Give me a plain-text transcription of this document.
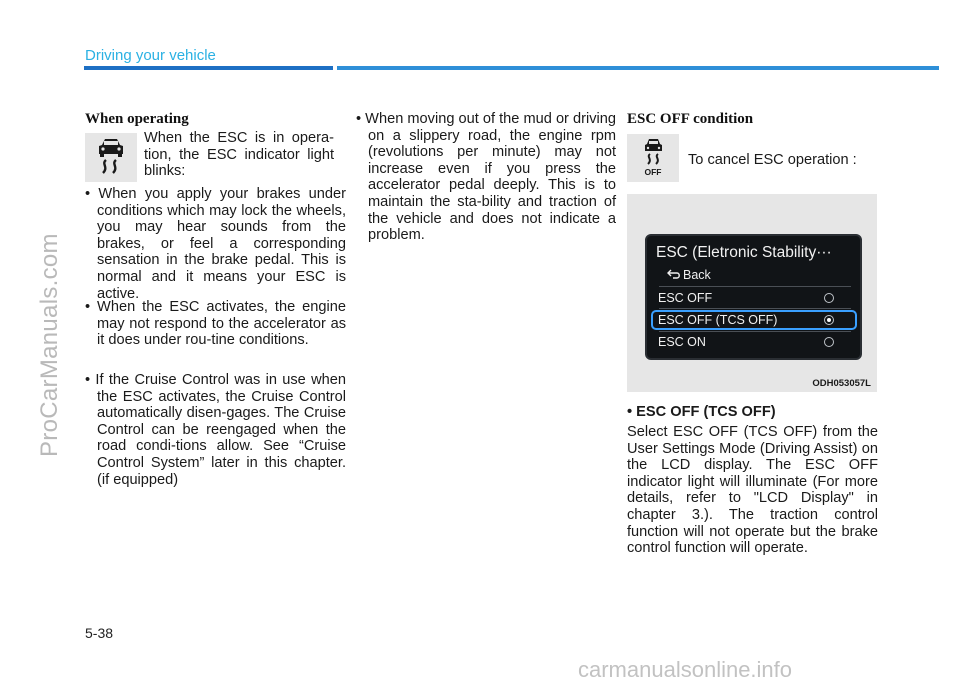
ProCarManuals.com
Driving your vehicle
When operating

When the ESC is in opera-tion, the ESC indicator light blinks:

• When you apply your brakes under conditions which may lock the wheels, you may hear sounds from the brakes, or feel a corresponding sensation in the brake pedal. This is normal and it means your ESC is active.

• When the ESC activates, the engine may not respond to the accelerator as it does under rou-tine conditions.

• If the Cruise Control was in use when the ESC activates, the Cruise Control automatically disen-gages. The Cruise Control can be reengaged when the road condi-tions allow. See “Cruise Control System” later in this chapter. (if equipped)

• When moving out of the mud or driving on a slippery road, the engine rpm (revolutions per minute) may not increase even if you press the accelerator pedal deeply. This is to maintain the sta-bility and traction of the vehicle and does not indicate a problem.

ESC OFF condition
OFF

To cancel ESC operation :

ESC (Eletronic Stability···
Back
ESC OFF
ESC OFF (TCS OFF)
ESC ON
ODH053057L
• ESC OFF (TCS OFF)

Select ESC OFF (TCS OFF) from the User Settings Mode (Driving Assist) on the LCD display. The ESC OFF indicator light will illuminate (For more details, refer to "LCD Display" in chapter 3.). The traction control function will not operate but the brake control function will operate.

5-38
carmanualsonline.info
